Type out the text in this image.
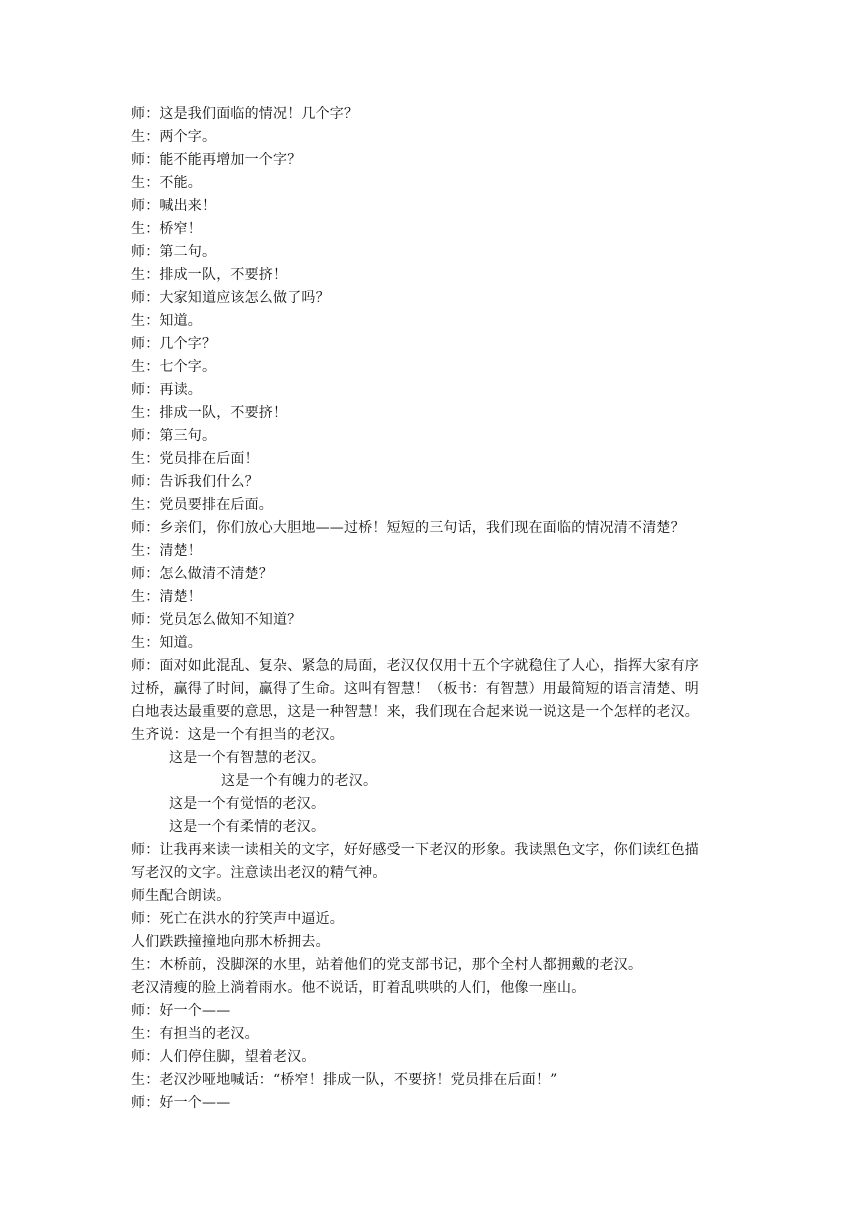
师：这是我们面临的情况！几个字？
生：两个字。
师：能不能再增加一个字？
生：不能。
师：喊出来！
生：桥窄！
师：第二句。
生：排成一队，不要挤！
师：大家知道应该怎么做了吗？
生：知道。
师：几个字？
生：七个字。
师：再读。
生：排成一队，不要挤！
师：第三句。
生：党员排在后面！
师：告诉我们什么？
生：党员要排在后面。
师：乡亲们，你们放心大胆地——过桥！短短的三句话，我们现在面临的情况清不清楚？
生：清楚！
师：怎么做清不清楚？
生：清楚！
师：党员怎么做知不知道？
生：知道。
师：面对如此混乱、复杂、紧急的局面，老汉仅仅用十五个字就稳住了人心，指挥大家有序
过桥，赢得了时间，赢得了生命。这叫有智慧！（板书：有智慧）用最简短的语言清楚、明
白地表达最重要的意思，这是一种智慧！来，我们现在合起来说一说这是一个怎样的老汉。
生齐说：这是一个有担当的老汉。
这是一个有智慧的老汉。
这是一个有魄力的老汉。
这是一个有觉悟的老汉。
这是一个有柔情的老汉。
师：让我再来读一读相关的文字，好好感受一下老汉的形象。我读黑色文字，你们读红色描
写老汉的文字。注意读出老汉的精气神。
师生配合朗读。
师：死亡在洪水的狞笑声中逼近。
人们跌跌撞撞地向那木桥拥去。
生：木桥前，没脚深的水里，站着他们的党支部书记，那个全村人都拥戴的老汉。
老汉清瘦的脸上淌着雨水。他不说话，盯着乱哄哄的人们，他像一座山。
师：好一个——
生：有担当的老汉。
师：人们停住脚，望着老汉。
生：老汉沙哑地喊话：“桥窄！排成一队，不要挤！党员排在后面！”
师：好一个——
